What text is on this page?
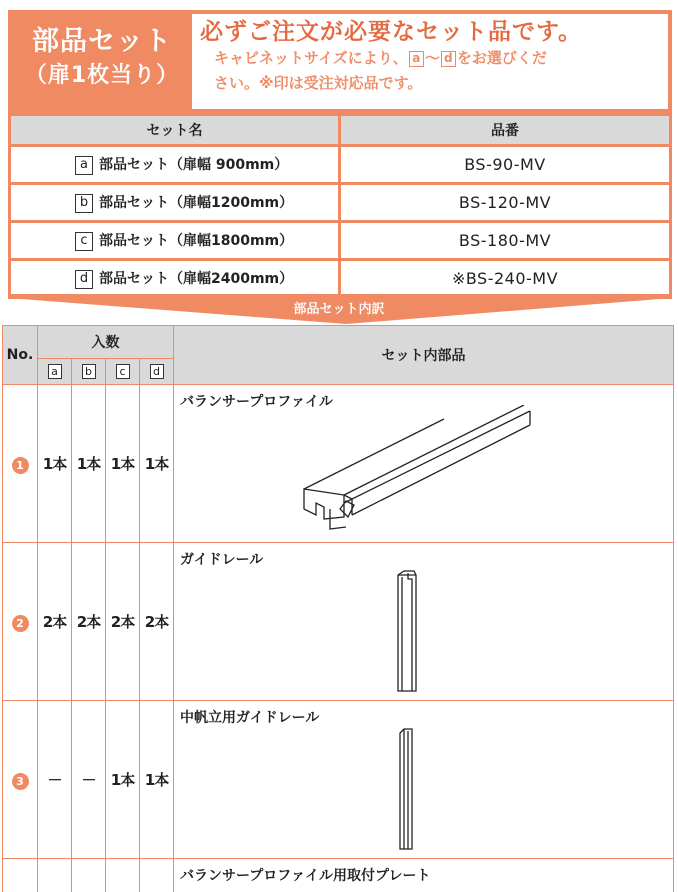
部品セット
（扉1枚当り）
必ずご注文が必要なセット品です。
キャビネットサイズにより、 a ～ d をお選びくだ
さい。※印は受注対応品です。
セット名	品番
a 部品セット（扉幅 900mm）	BS-90-MV
b 部品セット（扉幅1200mm）	BS-120-MV
c 部品セット（扉幅1800mm）	BS-180-MV
d 部品セット（扉幅2400mm）	※BS-240-MV
部品セット内訳
No.	入数				セット内部品
	a	b	c	d	
1	1本	1本	1本	1本	バランサープロファイル

2	2本	2本	2本	2本	ガイドレール

3	－	－	1本	1本	中帆立用ガイドレール

					バランサープロファイル用取付プレート
